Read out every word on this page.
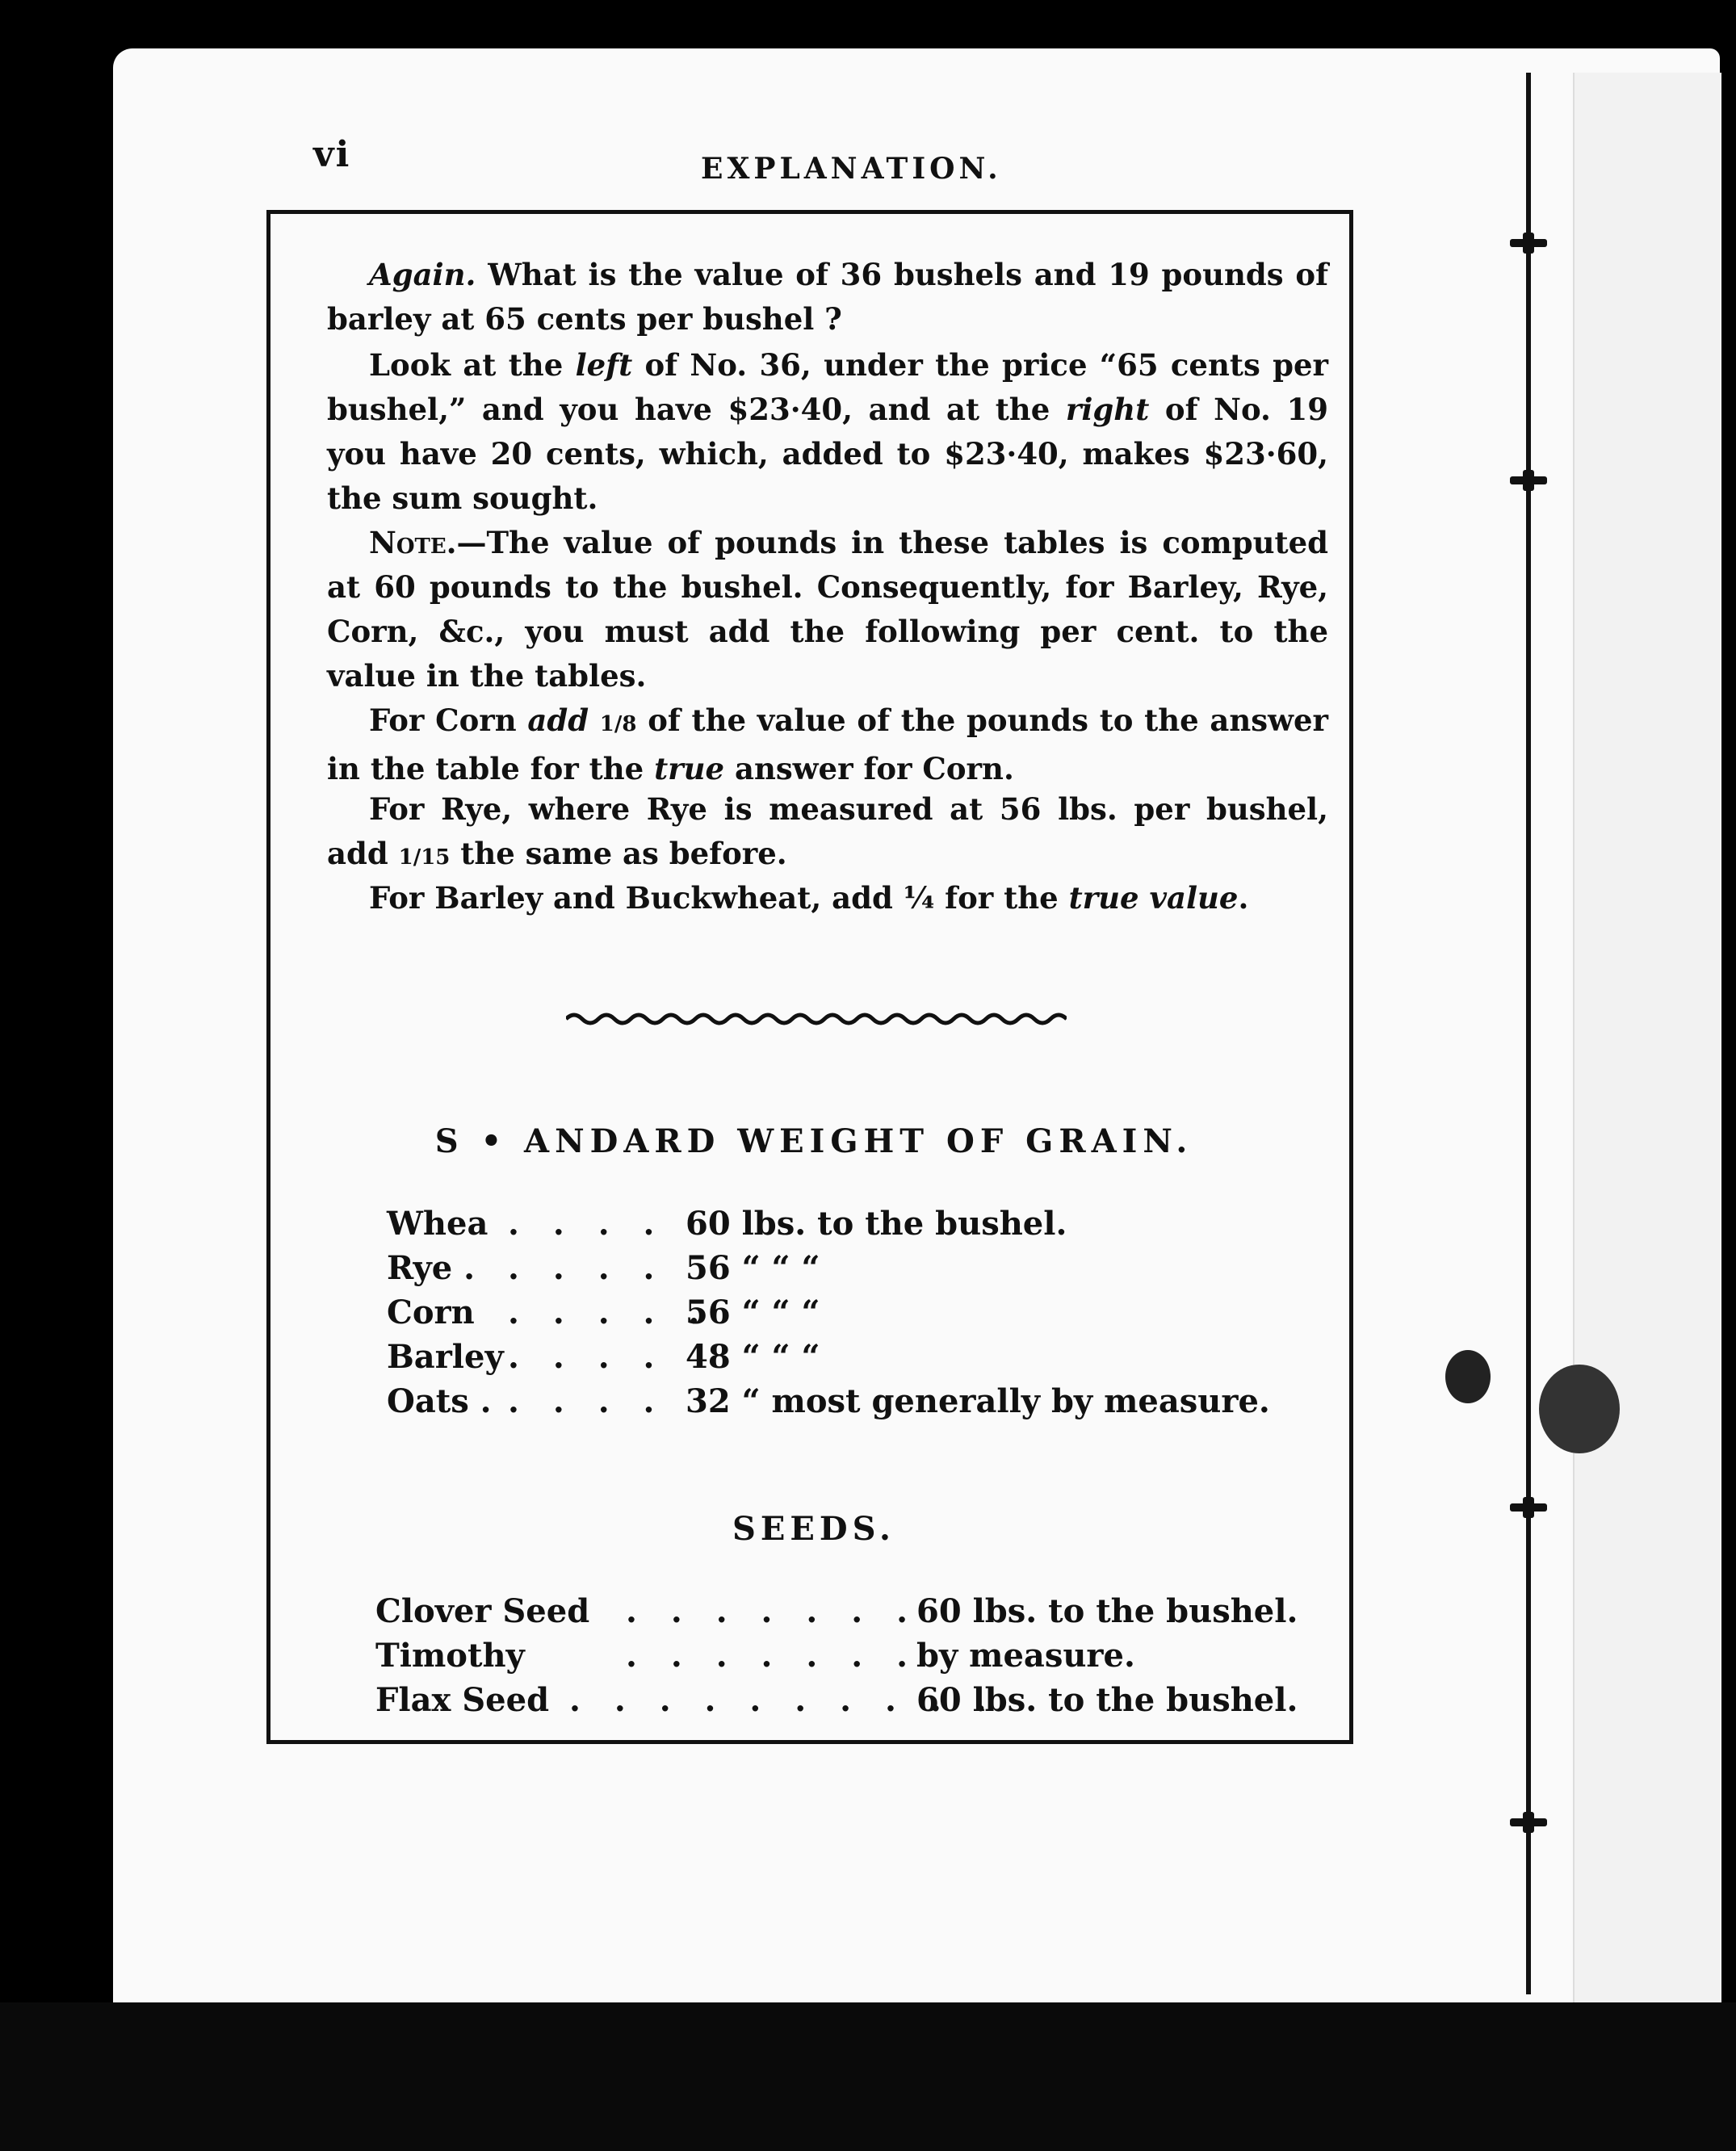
vi	EXPLANATION.
Again. What is the value of 36 bushels and 19 pounds of barley at 65 cents per bushel ?
Look at the left of No. 36, under the price “65 cents per bushel,” and you have $23·40, and at the right of No. 19 you have 20 cents, which, added to $23·40, makes $23·60, the sum sought.
Note.—The value of pounds in these tables is computed at 60 pounds to the bushel. Consequently, for Barley, Rye, Corn, &c., you must add the following per cent. to the value in the tables.
For Corn add 1/8 of the value of the pounds to the answer in the table for the true answer for Corn.
For Rye, where Rye is measured at 56 lbs. per bushel, add 1/15 the same as before.
For Barley and Buckwheat, add ¼ for the true value.
S • ANDARD WEIGHT OF GRAIN.
Whea . . . . 60 lbs. to the bushel.
Rye . . . . . 56 “ “ “
Corn . . . . .
56 “ “ “
Barley . . . . 48 “ “ “
Oats . . . . . 32 “ most generally by measure.
SEEDS.
Clover Seed . . . . . . .
60 lbs. to the bushel.
Timothy	. . . . . . .
by measure.
Flax Seed . . . . . . . . . .
60 lbs. to the bushel.
